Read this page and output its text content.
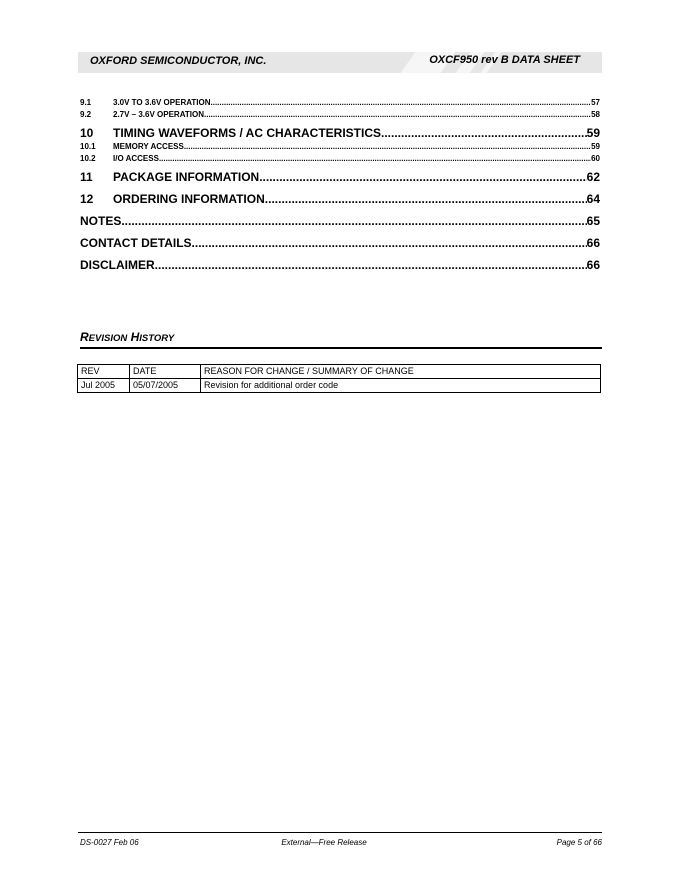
OXFORD SEMICONDUCTOR, INC.	OXCF950 rev B DATA SHEET
9.1	3.0V TO 3.6V OPERATION .....	57
9.2	2.7V – 3.6V OPERATION .....	58
10	TIMING WAVEFORMS / AC CHARACTERISTICS .....	59
10.1	MEMORY ACCESS .....	59
10.2	I/O ACCESS .....	60
11	PACKAGE INFORMATION .....	62
12	ORDERING INFORMATION .....	64
NOTES .....	65
CONTACT DETAILS .....	66
DISCLAIMER .....	66
REVISION HISTORY
REV	DATE	REASON FOR CHANGE / SUMMARY OF CHANGE
Jul 2005	05/07/2005	Revision for additional order code
DS-0027 Feb 06	External—Free Release	Page 5 of 66
